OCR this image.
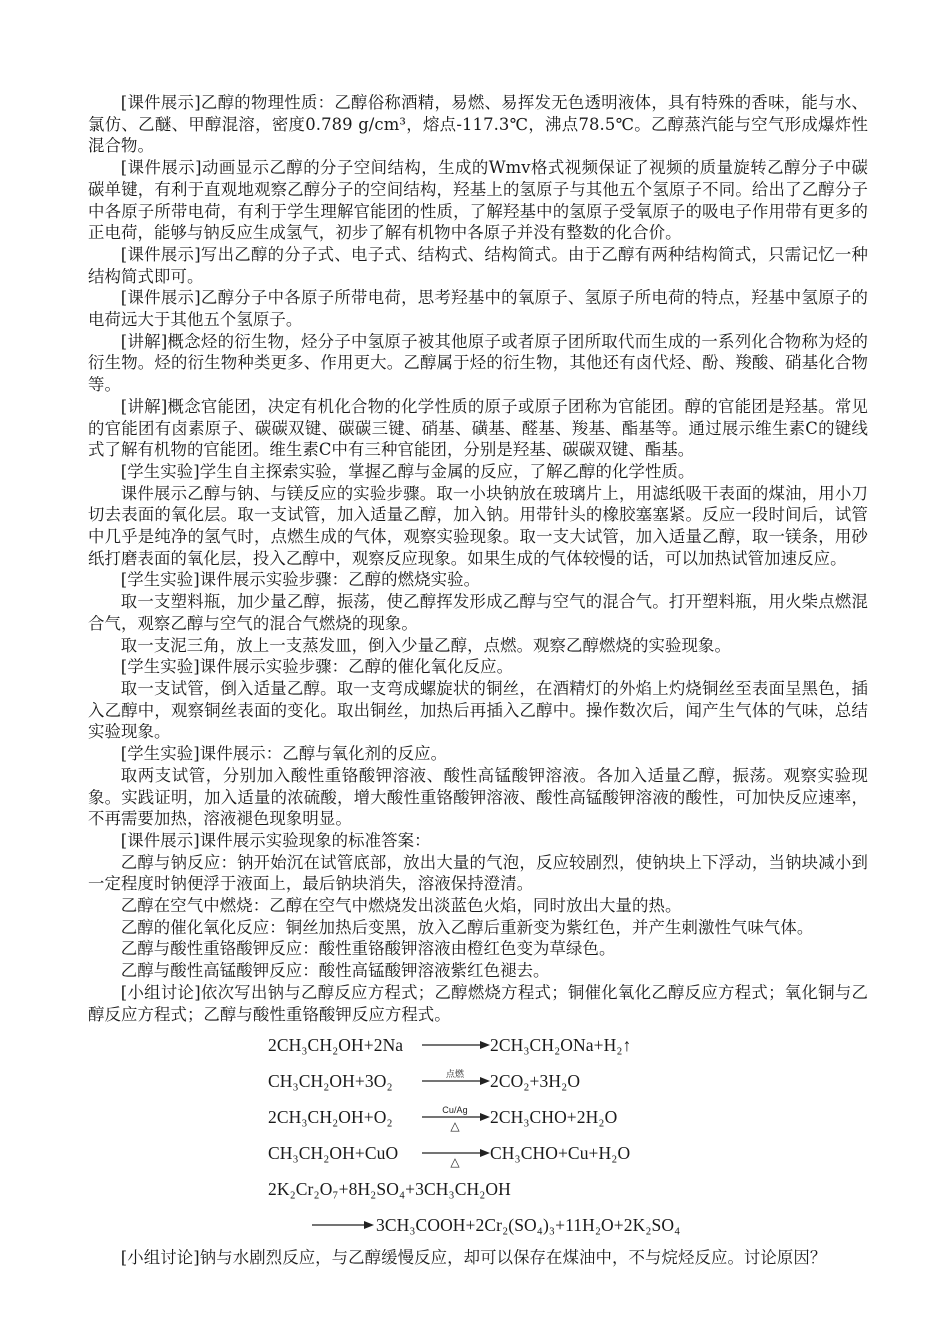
[课件展示]乙醇的物理性质：乙醇俗称酒精，易燃、易挥发无色透明液体，具有特殊的香味，能与水、氯仿、乙醚、甲醇混溶，密度0.789 g/cm³，熔点-117.3℃，沸点78.5℃。乙醇蒸汽能与空气形成爆炸性混合物。

[课件展示]动画显示乙醇的分子空间结构，生成的Wmv格式视频保证了视频的质量旋转乙醇分子中碳碳单键，有利于直观地观察乙醇分子的空间结构，羟基上的氢原子与其他五个氢原子不同。给出了乙醇分子中各原子所带电荷，有利于学生理解官能团的性质，了解羟基中的氢原子受氧原子的吸电子作用带有更多的正电荷，能够与钠反应生成氢气，初步了解有机物中各原子并没有整数的化合价。

[课件展示]写出乙醇的分子式、电子式、结构式、结构简式。由于乙醇有两种结构简式，只需记忆一种结构简式即可。

[课件展示]乙醇分子中各原子所带电荷，思考羟基中的氧原子、氢原子所电荷的特点，羟基中氢原子的电荷远大于其他五个氢原子。

[讲解]概念烃的衍生物，烃分子中氢原子被其他原子或者原子团所取代而生成的一系列化合物称为烃的衍生物。烃的衍生物种类更多、作用更大。乙醇属于烃的衍生物，其他还有卤代烃、酚、羧酸、硝基化合物等。

[讲解]概念官能团，决定有机化合物的化学性质的原子或原子团称为官能团。醇的官能团是羟基。常见的官能团有卤素原子、碳碳双键、碳碳三键、硝基、磺基、醛基、羧基、酯基等。通过展示维生素C的键线式了解有机物的官能团。维生素C中有三种官能团，分别是羟基、碳碳双键、酯基。

[学生实验]学生自主探索实验，掌握乙醇与金属的反应，了解乙醇的化学性质。

课件展示乙醇与钠、与镁反应的实验步骤。取一小块钠放在玻璃片上，用滤纸吸干表面的煤油，用小刀切去表面的氧化层。取一支试管，加入适量乙醇，加入钠。用带针头的橡胶塞塞紧。反应一段时间后，试管中几乎是纯净的氢气时，点燃生成的气体，观察实验现象。取一支大试管，加入适量乙醇，取一镁条，用砂纸打磨表面的氧化层，投入乙醇中，观察反应现象。如果生成的气体较慢的话，可以加热试管加速反应。

[学生实验]课件展示实验步骤：乙醇的燃烧实验。

取一支塑料瓶，加少量乙醇，振荡，使乙醇挥发形成乙醇与空气的混合气。打开塑料瓶，用火柴点燃混合气，观察乙醇与空气的混合气燃烧的现象。

取一支泥三角，放上一支蒸发皿，倒入少量乙醇，点燃。观察乙醇燃烧的实验现象。

[学生实验]课件展示实验步骤：乙醇的催化氧化反应。

取一支试管，倒入适量乙醇。取一支弯成螺旋状的铜丝，在酒精灯的外焰上灼烧铜丝至表面呈黑色，插入乙醇中，观察铜丝表面的变化。取出铜丝，加热后再插入乙醇中。操作数次后，闻产生气体的气味，总结实验现象。

[学生实验]课件展示：乙醇与氧化剂的反应。

取两支试管，分别加入酸性重铬酸钾溶液、酸性高锰酸钾溶液。各加入适量乙醇，振荡。观察实验现象。实践证明，加入适量的浓硫酸，增大酸性重铬酸钾溶液、酸性高锰酸钾溶液的酸性，可加快反应速率，不再需要加热，溶液褪色现象明显。

[课件展示]课件展示实验现象的标准答案：

乙醇与钠反应：钠开始沉在试管底部，放出大量的气泡，反应较剧烈，使钠块上下浮动，当钠块减小到一定程度时钠便浮于液面上，最后钠块消失，溶液保持澄清。

乙醇在空气中燃烧：乙醇在空气中燃烧发出淡蓝色火焰，同时放出大量的热。

乙醇的催化氧化反应：铜丝加热后变黑，放入乙醇后重新变为紫红色，并产生刺激性气味气体。

乙醇与酸性重铬酸钾反应：酸性重铬酸钾溶液由橙红色变为草绿色。

乙醇与酸性高锰酸钾反应：酸性高锰酸钾溶液紫红色褪去。

[小组讨论]依次写出钠与乙醇反应方程式；乙醇燃烧方程式；铜催化氧化乙醇反应方程式；氧化铜与乙醇反应方程式；乙醇与酸性重铬酸钾反应方程式。

2CH₃CH₂OH+2Na → 2CH₃CH₂ONa+H₂↑
CH₃CH₂OH+3O₂	点燃	2CO₂+3H₂O
2CH₃CH₂OH+O₂	Cu/Ag
△	2CH₃CHO+2H₂O
CH₃CH₂OH+CuO	△	CH₃CHO+Cu+H₂O
2K₂Cr₂O₇+8H₂SO₄+3CH₃CH₂OH
→ 3CH₃COOH+2Cr₂(SO₄)₃+11H₂O+2K₂SO₄

[小组讨论]钠与水剧烈反应，与乙醇缓慢反应，却可以保存在煤油中，不与烷烃反应。讨论原因？
